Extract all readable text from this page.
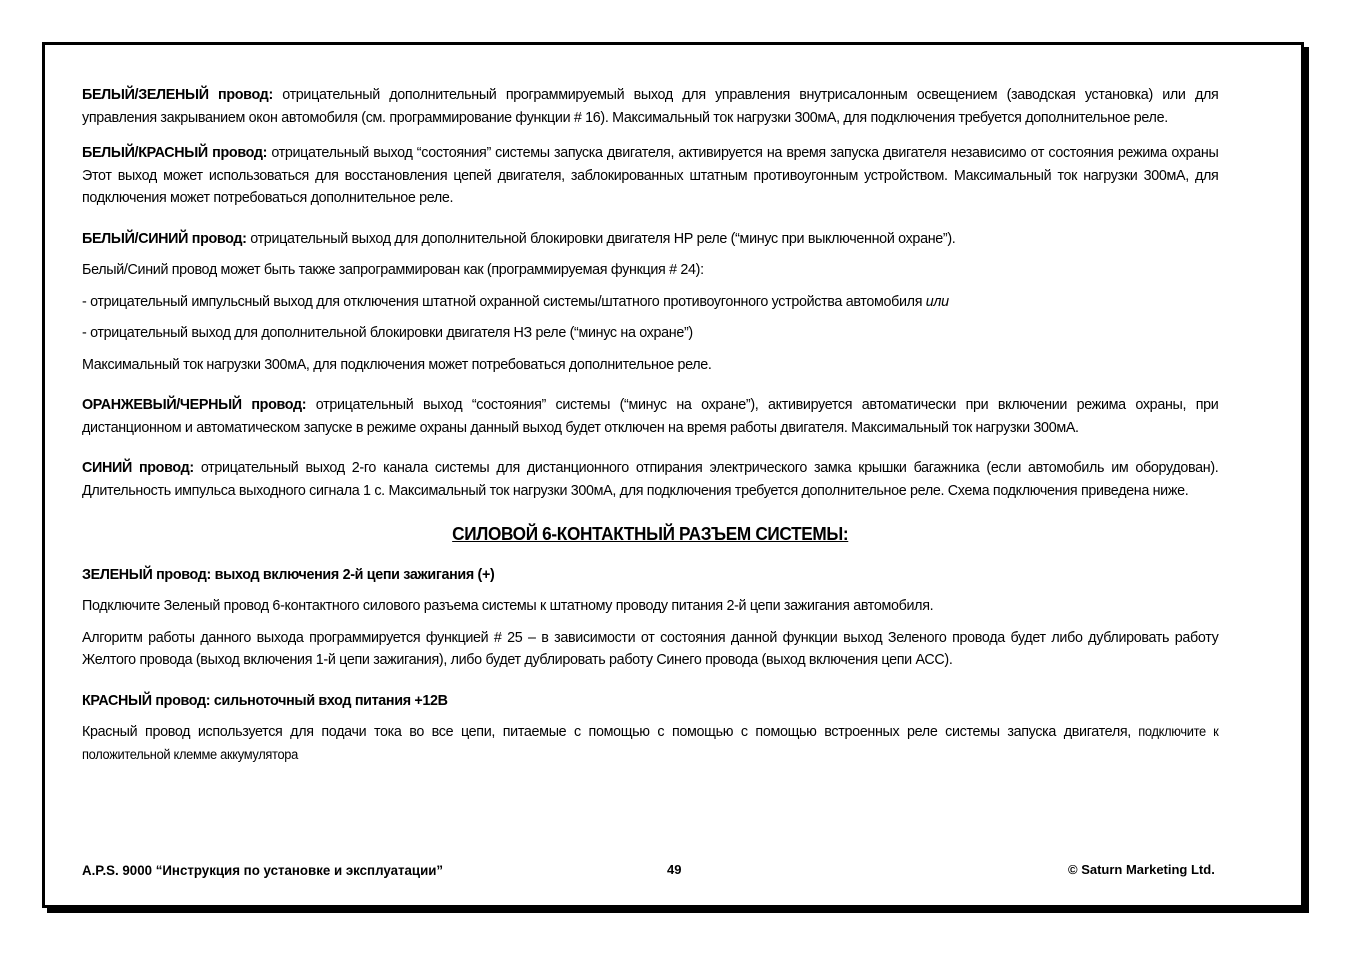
БЕЛЫЙ/ЗЕЛЕНЫЙ провод: отрицательный дополнительный программируемый выход для управления внутрисалонным освещением (заводская установка) или для управления закрыванием окон автомобиля (см. программирование функции # 16). Максимальный ток нагрузки 300мА, для подключения требуется дополнительное реле.

БЕЛЫЙ/КРАСНЫЙ провод: отрицательный выход “состояния” системы запуска двигателя, активируется на время запуска двигателя независимо от состояния режима охраны Этот выход может использоваться для восстановления цепей двигателя, заблокированных штатным противоугонным устройством. Максимальный ток нагрузки 300мА, для подключения может потребоваться дополнительное реле.

БЕЛЫЙ/СИНИЙ провод: отрицательный выход для дополнительной блокировки двигателя НР реле (“минус при выключенной охране”).

Белый/Синий провод может быть также запрограммирован как (программируемая функция # 24):

- отрицательный импульсный выход для отключения штатной охранной системы/штатного противоугонного устройства автомобиля или

- отрицательный выход для дополнительной блокировки двигателя НЗ реле (“минус на охране”)

Максимальный ток нагрузки 300мА, для подключения может потребоваться дополнительное реле.

ОРАНЖЕВЫЙ/ЧЕРНЫЙ провод: отрицательный выход “состояния” системы (“минус на охране”), активируется автоматически при включении режима охраны, при дистанционном и автоматическом запуске в режиме охраны данный выход будет отключен на время работы двигателя. Максимальный ток нагрузки 300мА.

СИНИЙ провод: отрицательный выход 2-го канала системы для дистанционного отпирания электрического замка крышки багажника (если автомобиль им оборудован). Длительность импульса выходного сигнала 1 с. Максимальный ток нагрузки 300мА, для подключения требуется дополнительное реле. Схема подключения приведена ниже.

СИЛОВОЙ 6-КОНТАКТНЫЙ РАЗЪЕМ СИСТЕМЫ:

ЗЕЛЕНЫЙ провод: выход включения 2-й цепи зажигания (+)

Подключите Зеленый провод 6-контактного силового разъема системы к штатному проводу питания 2-й цепи зажигания автомобиля.

Алгоритм работы данного выхода программируется функцией # 25 – в зависимости от состояния данной функции выход Зеленого провода будет либо дублировать работу Желтого провода (выход включения 1-й цепи зажигания), либо будет дублировать работу Синего провода (выход включения цепи АСС).

КРАСНЫЙ провод: сильноточный вход питания +12В

Красный провод используется для подачи тока во все цепи, питаемые с помощью с помощью с помощью встроенных реле системы запуска двигателя, подключите к положительной клемме аккумулятора

A.P.S. 9000 “Инструкция по установке и эксплуатации”	49	© Saturn Marketing Ltd.
